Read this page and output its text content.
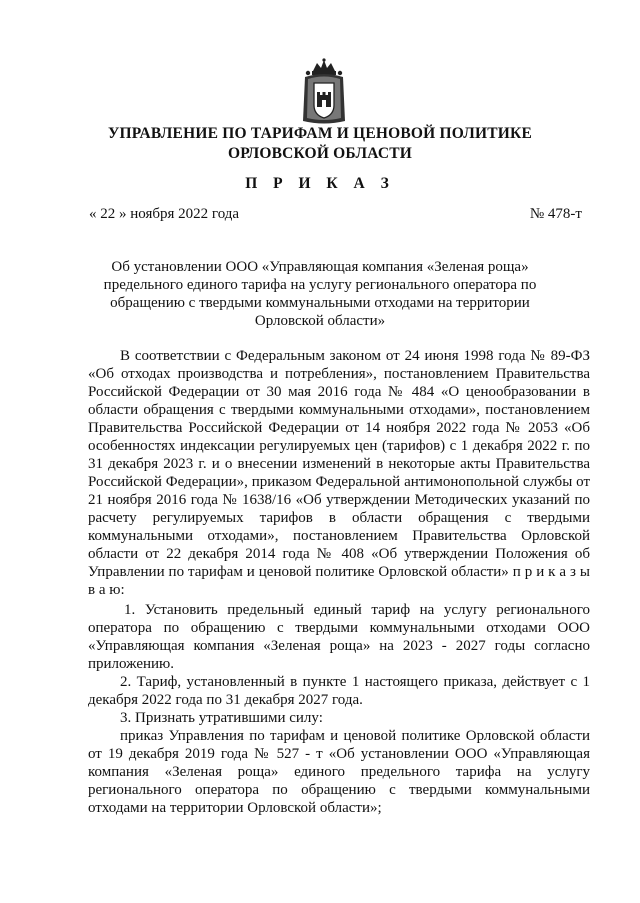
УПРАВЛЕНИЕ ПО ТАРИФАМ И ЦЕНОВОЙ ПОЛИТИКЕ
ОРЛОВСКОЙ ОБЛАСТИ
П Р И К А З
« 22 » ноября 2022 года	№ 478-т
Об установлении ООО «Управляющая компания «Зеленая роща» предельного единого тарифа на услугу регионального оператора по обращению с твердыми коммунальными отходами на территории Орловской области»

В соответствии с Федеральным законом от 24 июня 1998 года № 89-ФЗ «Об отходах производства и потребления», постановлением Правительства Российской Федерации от 30 мая 2016 года № 484 «О ценообразовании в области обращения с твердыми коммунальными отходами», постановлением Правительства Российской Федерации от 14 ноября 2022 года № 2053 «Об особенностях индексации регулируемых цен (тарифов) с 1 декабря 2022 г. по 31 декабря 2023 г. и о внесении изменений в некоторые акты Правительства Российской Федерации», приказом Федеральной антимонопольной службы от 21 ноября 2016 года № 1638/16 «Об утверждении Методических указаний по расчету регулируемых тарифов в области обращения с твердыми коммунальными отходами», постановлением Правительства Орловской области от 22 декабря 2014 года № 408 «Об утверждении Положения об Управлении по тарифам и ценовой политике Орловской области» п р и к а з ы в а ю:

1. Установить предельный единый тариф на услугу регионального оператора по обращению с твердыми коммунальными отходами ООО «Управляющая компания «Зеленая роща» на 2023 - 2027 годы согласно приложению.

2. Тариф, установленный в пункте 1 настоящего приказа, действует с 1 декабря 2022 года по 31 декабря 2027 года.

3. Признать утратившими силу:

приказ Управления по тарифам и ценовой политике Орловской области от 19 декабря 2019 года № 527 - т «Об установлении ООО «Управляющая компания «Зеленая роща» единого предельного тарифа на услугу регионального оператора по обращению с твердыми коммунальными отходами на территории Орловской области»;
